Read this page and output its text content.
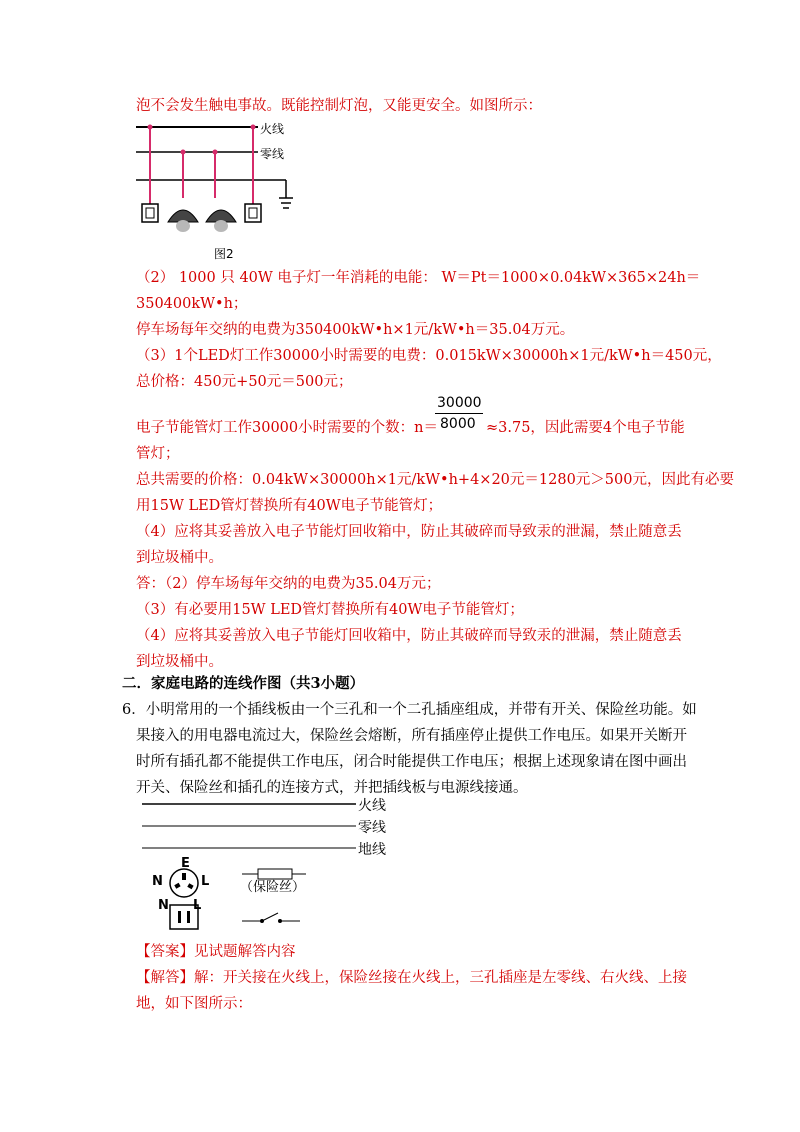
泡不会发生触电事故。既能控制灯泡，又能更安全。如图所示：
图2
火线
零线
（2） 1000 只 40W 电子灯一年消耗的电能： W＝Pt＝1000×0.04kW×365×24h＝
350400kW•h；
停车场每年交纳的电费为350400kW•h×1元/kW•h＝35.04万元。
（3）1个LED灯工作30000小时需要的电费：0.015kW×30000h×1元/kW•h＝450元，
总价格：450元+50元＝500元；
30000
8000
电子节能管灯工作30000小时需要的个数：n＝	≈3.75，因此需要4个电子节能
管灯；
总共需要的价格：0.04kW×30000h×1元/kW•h+4×20元＝1280元＞500元，因此有必要
用15W LED管灯替换所有40W电子节能管灯；
（4）应将其妥善放入电子节能灯回收箱中，防止其破碎而导致汞的泄漏，禁止随意丢
到垃圾桶中。
答：（2）停车场每年交纳的电费为35.04万元；
（3）有必要用15W LED管灯替换所有40W电子节能管灯；
（4）应将其妥善放入电子节能灯回收箱中，防止其破碎而导致汞的泄漏，禁止随意丢
到垃圾桶中。
二．家庭电路的连线作图（共3小题）
6．小明常用的一个插线板由一个三孔和一个二孔插座组成，并带有开关、保险丝功能。如
果接入的用电器电流过大，保险丝会熔断，所有插座停止提供工作电压。如果开关断开
时所有插孔都不能提供工作电压，闭合时能提供工作电压；根据上述现象请在图中画出
开关、保险丝和插孔的连接方式，并把插线板与电源线接通。
火线
零线
地线
E
N	L
N L
（保险丝）
【答案】见试题解答内容
【解答】解：开关接在火线上，保险丝接在火线上，三孔插座是左零线、右火线、上接
地，如下图所示：
